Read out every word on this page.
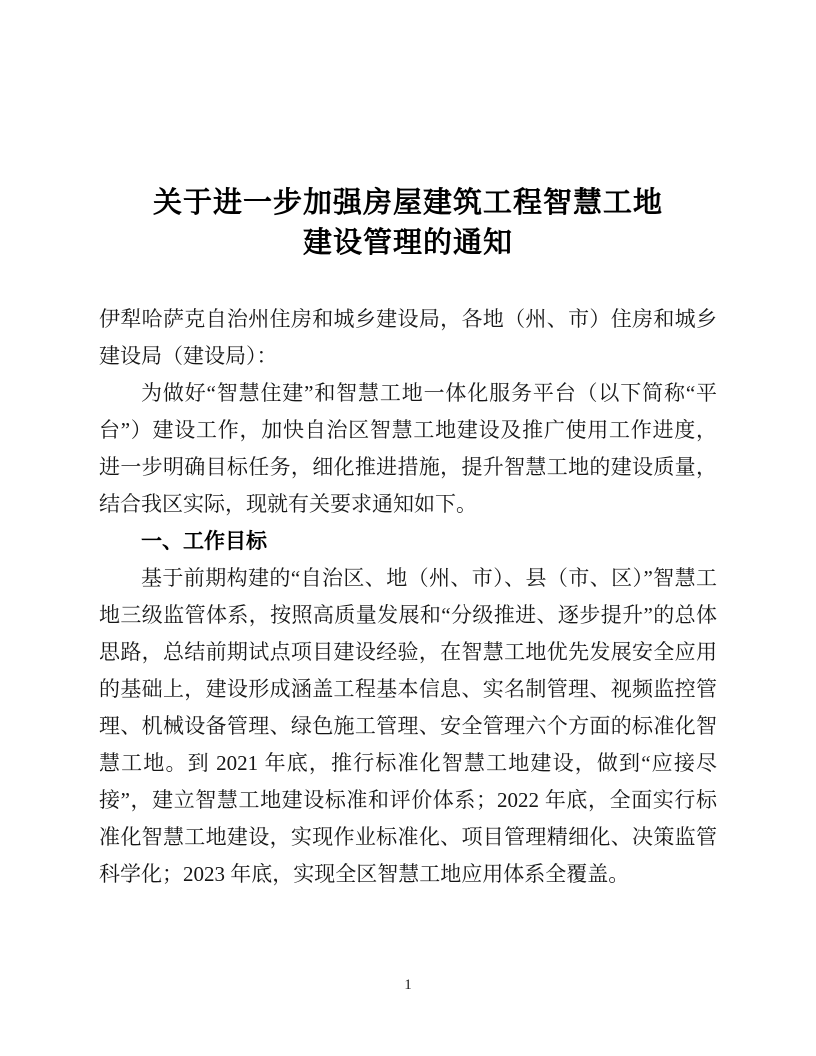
关于进一步加强房屋建筑工程智慧工地
建设管理的通知

伊犁哈萨克自治州住房和城乡建设局，各地（州、市）住房和城乡建设局（建设局）：

为做好“智慧住建”和智慧工地一体化服务平台（以下简称“平台”）建设工作，加快自治区智慧工地建设及推广使用工作进度，进一步明确目标任务，细化推进措施，提升智慧工地的建设质量，结合我区实际，现就有关要求通知如下。

一、工作目标

基于前期构建的“自治区、地（州、市）、县（市、区）”智慧工地三级监管体系，按照高质量发展和“分级推进、逐步提升”的总体思路，总结前期试点项目建设经验，在智慧工地优先发展安全应用的基础上，建设形成涵盖工程基本信息、实名制管理、视频监控管理、机械设备管理、绿色施工管理、安全管理六个方面的标准化智慧工地。到 2021 年底，推行标准化智慧工地建设，做到“应接尽接”，建立智慧工地建设标准和评价体系；2022 年底，全面实行标准化智慧工地建设，实现作业标准化、项目管理精细化、决策监管科学化；2023 年底，实现全区智慧工地应用体系全覆盖。

1
